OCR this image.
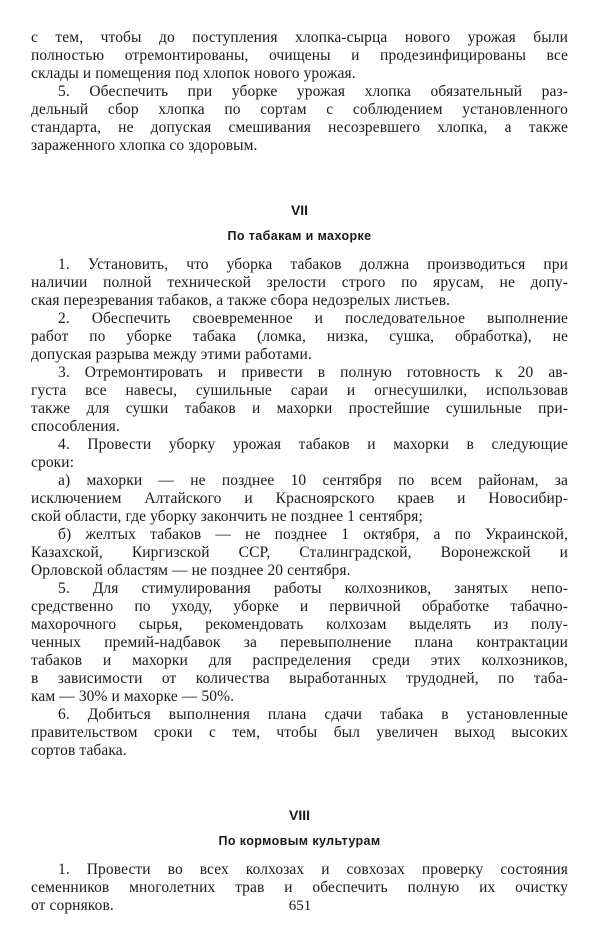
с тем, чтобы до поступления хлопка-сырца нового урожая были
полностью отремонтированы, очищены и продезинфицированы все
склады и помещения под хлопок нового урожая.
5. Обеспечить при уборке урожая хлопка обязательный раз-
дельный сбор хлопка по сортам с соблюдением установленного
стандарта, не допуская смешивания несозревшего хлопка, а также
зараженного хлопка со здоровым.
VII
По табакам и махорке
1. Установить, что уборка табаков должна производиться при
наличии полной технической зрелости строго по ярусам, не допу-
ская перезревания табаков, а также сбора недозрелых листьев.
2. Обеспечить своевременное и последовательное выполнение
работ по уборке табака (ломка, низка, сушка, обработка), не
допуская разрыва между этими работами.
3. Отремонтировать и привести в полную готовность к 20 ав-
густа все навесы, сушильные сараи и огнесушилки, использовав
также для сушки табаков и махорки простейшие сушильные при-
способления.
4. Провести уборку урожая табаков и махорки в следующие
сроки:
а) махорки — не позднее 10 сентября по всем районам, за
исключением Алтайского и Красноярского краев и Новосибир-
ской области, где уборку закончить не позднее 1 сентября;
б) желтых табаков — не позднее 1 октября, а по Украинской,
Казахской, Киргизской ССР, Сталинградской, Воронежской и
Орловской областям — не позднее 20 сентября.
5. Для стимулирования работы колхозников, занятых непо-
средственно по уходу, уборке и первичной обработке табачно-
махорочного сырья, рекомендовать колхозам выделять из полу-
ченных премий-надбавок за перевыполнение плана контрактации
табаков и махорки для распределения среди этих колхозников,
в зависимости от количества выработанных трудодней, по таба-
кам — 30% и махорке — 50%.
6. Добиться выполнения плана сдачи табака в установленные
правительством сроки с тем, чтобы был увеличен выход высоких
сортов табака.
VIII
По кормовым культурам
1. Провести во всех колхозах и совхозах проверку состояния
семенников многолетних трав и обеспечить полную их очистку
от сорняков.	651
